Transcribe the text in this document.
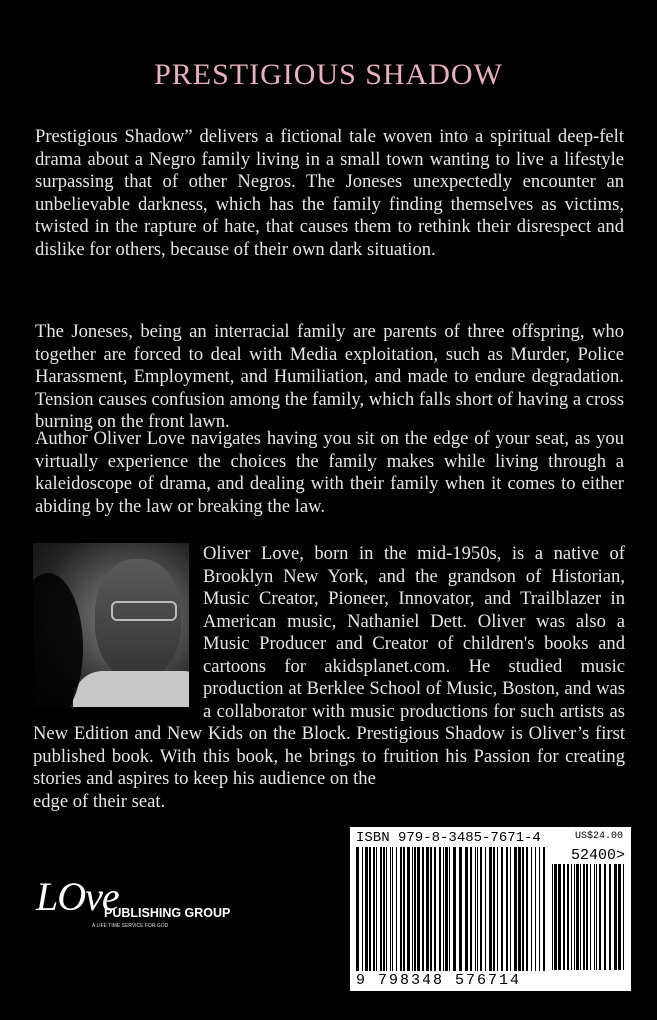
PRESTIGIOUS SHADOW

Prestigious Shadow” delivers a fictional tale woven into a spiritual deep-felt drama about a Negro family living in a small town wanting to live a lifestyle surpassing that of other Negros. The Joneses unexpectedly encounter an unbelievable darkness, which has the family finding themselves as victims, twisted in the rapture of hate, that causes them to rethink their disrespect and dislike for others, because of their own dark situation.

The Joneses, being an interracial family are parents of three offspring, who together are forced to deal with Media exploitation, such as Murder, Police Harassment, Employment, and Humiliation, and made to endure degradation. Tension causes confusion among the family, which falls short of having a cross burning on the front lawn.

Author Oliver Love navigates having you sit on the edge of your seat, as you virtually experience the choices the family makes while living through a kaleidoscope of drama, and dealing with their family when it comes to either abiding by the law or breaking the law.

Oliver Love, born in the mid-1950s, is a native of Brooklyn New York, and the grandson of Historian, Music Creator, Pioneer, Innovator, and Trailblazer in American music, Nathaniel Dett. Oliver was also a Music Producer and Creator of children's books and cartoons for akidsplanet.com. He studied music production at Berklee School of Music, Boston, and was a collaborator with music productions for such artists as New Edition and New Kids on the Block. Prestigious Shadow is Oliver’s first published book. With this book, he brings to fruition his Passion for creating stories and aspires to keep his audience on the
edge of their seat.

ISBN 979-8-3485-7671-4	US$24.00
52400>
9 798348 576714
LOve
PUBLISHING GROUP
A LIFE TIME SERVICE FOR GOD
